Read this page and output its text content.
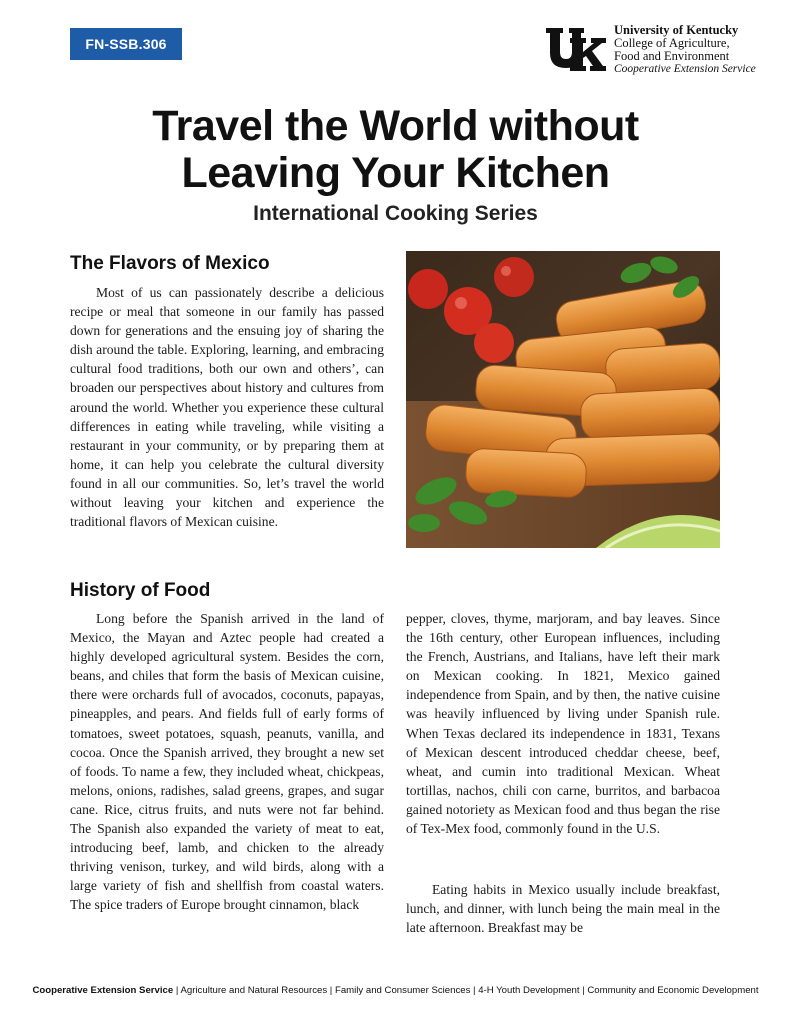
FN-SSB.306
University of Kentucky
College of Agriculture,
Food and Environment
Cooperative Extension Service
Travel the World without
Leaving Your Kitchen
International Cooking Series
The Flavors of Mexico

Most of us can passionately describe a delicious recipe or meal that someone in our family has passed down for generations and the ensuing joy of sharing the dish around the table. Exploring, learning, and embracing cultural food traditions, both our own and others’, can broaden our perspectives about history and cultures from around the world. Whether you experience these cultural differences in eating while traveling, while visiting a restaurant in your community, or by preparing them at home, it can help you celebrate the cultural diversity found in all our communities. So, let’s travel the world without leaving your kitchen and experience the traditional flavors of Mexican cuisine.

History of Food

Long before the Spanish arrived in the land of Mexico, the Mayan and Aztec people had created a highly developed agricultural system. Besides the corn, beans, and chiles that form the basis of Mexican cuisine, there were orchards full of avocados, coconuts, papayas, pineapples, and pears. And fields full of early forms of tomatoes, sweet potatoes, squash, peanuts, vanilla, and cocoa. Once the Spanish arrived, they brought a new set of foods. To name a few, they included wheat, chickpeas, melons, onions, radishes, salad greens, grapes, and sugar cane. Rice, citrus fruits, and nuts were not far behind. The Spanish also expanded the variety of meat to eat, introducing beef, lamb, and chicken to the already thriving venison, turkey, and wild birds, along with a large variety of fish and shellfish from coastal waters. The spice traders of Europe brought cinnamon, black

pepper, cloves, thyme, marjoram, and bay leaves. Since the 16th century, other European influences, including the French, Austrians, and Italians, have left their mark on Mexican cooking. In 1821, Mexico gained independence from Spain, and by then, the native cuisine was heavily influenced by living under Spanish rule. When Texas declared its independence in 1831, Texans of Mexican descent introduced cheddar cheese, beef, wheat, and cumin into traditional Mexican. Wheat tortillas, nachos, chili con carne, burritos, and barbacoa gained notoriety as Mexican food and thus began the rise of Tex-Mex food, commonly found in the U.S.

Eating habits in Mexico usually include breakfast, lunch, and dinner, with lunch being the main meal in the late afternoon. Breakfast may be

Cooperative Extension Service | Agriculture and Natural Resources | Family and Consumer Sciences | 4-H Youth Development | Community and Economic Development
